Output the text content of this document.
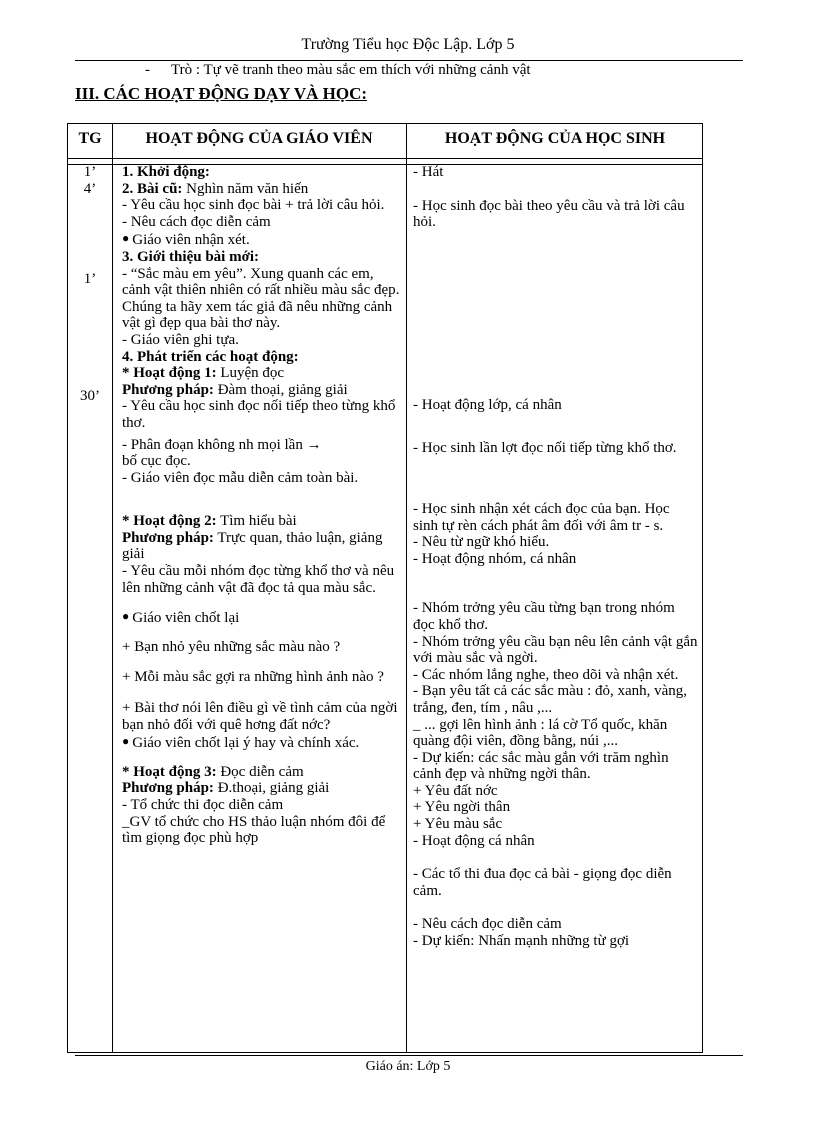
Trường Tiểu học Độc Lập. Lớp 5
- Trò : Tự vẽ tranh theo màu sắc em thích với những cảnh vật
III. CÁC HOẠT ĐỘNG DẠY VÀ HỌC:
TG	HOẠT ĐỘNG CỦA GIÁO VIÊN	HOẠT ĐỘNG CỦA HỌC SINH
1’
4’
1’
30’

1. Khởi động:

2. Bài cũ: Nghìn năm văn hiến

- Yêu cầu học sinh đọc bài + trả lời câu hỏi.

- Nêu cách đọc diễn cảm

● Giáo viên nhận xét.

3. Giới thiệu bài mới:

- “Sắc màu em yêu”. Xung quanh các em, cảnh vật thiên nhiên có rất nhiều màu sắc đẹp. Chúng ta hãy xem tác giả đã nêu những cảnh vật gì đẹp qua bài thơ này.

- Giáo viên ghi tựa.

4. Phát triển các hoạt động:

* Hoạt động 1: Luyện đọc

Phương pháp: Đàm thoại, giảng giải

- Yêu cầu học sinh đọc nối tiếp theo từng khổ thơ.

- Phân đoạn không nh mọi lần →

bố cục đọc.

- Giáo viên đọc mẫu diễn cảm toàn bài.

* Hoạt động 2: Tìm hiểu bài

Phương pháp: Trực quan, thảo luận, giảng giải

- Yêu cầu mỗi nhóm đọc từng khổ thơ và nêu lên những cảnh vật đã đọc tả qua màu sắc.

● Giáo viên chốt lại

+ Bạn nhỏ yêu những sắc màu nào ?

+ Mỗi màu sắc gợi ra những hình ảnh nào ?

+ Bài thơ nói lên điều gì về tình cảm của ngời bạn nhỏ đối với quê hơng đất nớc?

● Giáo viên chốt lại ý hay và chính xác.

* Hoạt động 3: Đọc diễn cảm

Phương pháp: Đ.thoại, giảng giải

- Tổ chức thi đọc diễn cảm

_GV tổ chức cho HS thảo luận nhóm đôi để tìm giọng đọc phù hợp

- Hát

- Học sinh đọc bài theo yêu cầu và trả lời câu hỏi.

- Hoạt động lớp, cá nhân

- Học sinh lần lợt đọc nối tiếp từng khổ thơ.

- Học sinh nhận xét cách đọc của bạn. Học sinh tự rèn cách phát âm đối với âm tr - s.

- Nêu từ ngữ khó hiểu.

- Hoạt động nhóm, cá nhân

- Nhóm trởng yêu cầu từng bạn trong nhóm đọc khổ thơ.

- Nhóm trởng yêu cầu bạn nêu lên cảnh vật gắn với màu sắc và ngời.

- Các nhóm lắng nghe, theo dõi và nhận xét.

- Bạn yêu tất cả các sắc màu : đỏ, xanh, vàng, trắng, đen, tím , nâu ,...

_ ... gợi lên hình ảnh : lá cờ Tổ quốc, khăn quàng đội viên, đồng bằng, núi ,...

- Dự kiến: các sắc màu gắn với trăm nghìn cảnh đẹp và những ngời thân.

+ Yêu đất nớc

+ Yêu ngời thân

+ Yêu màu sắc

- Hoạt động cá nhân

- Các tổ thi đua đọc cả bài - giọng đọc diễn cảm.

- Nêu cách đọc diễn cảm

- Dự kiến: Nhấn mạnh những từ gợi

Giáo án: Lớp 5
